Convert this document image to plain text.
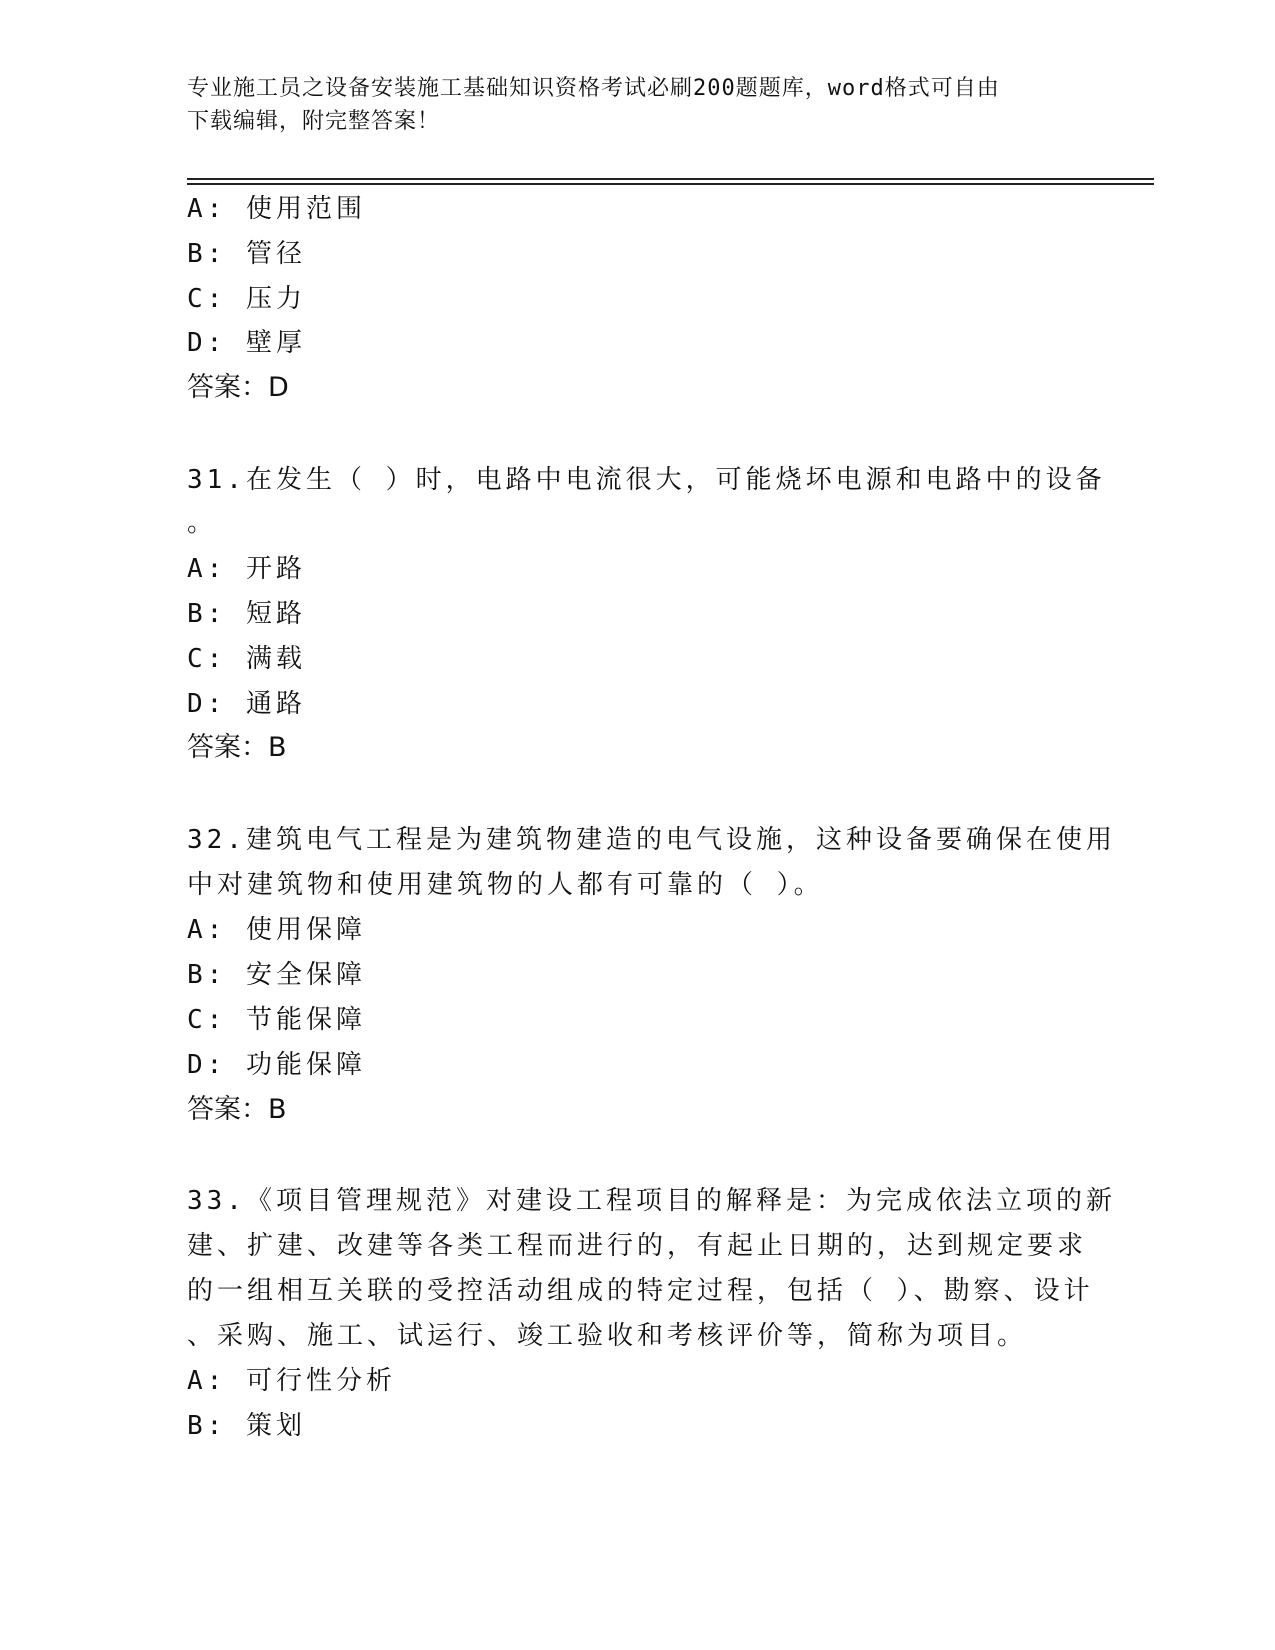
专业施工员之设备安装施工基础知识资格考试必刷200题题库，word格式可自由
下载编辑，附完整答案！
A: 使用范围
B: 管径
C: 压力
D: 壁厚
答案：D
31.在发生（ ）时，电路中电流很大，可能烧坏电源和电路中的设备
。
A: 开路
B: 短路
C: 满载
D: 通路
答案：B
32.建筑电气工程是为建筑物建造的电气设施，这种设备要确保在使用
中对建筑物和使用建筑物的人都有可靠的（ ）。
A: 使用保障
B: 安全保障
C: 节能保障
D: 功能保障
答案：B
33.《项目管理规范》对建设工程项目的解释是：为完成依法立项的新
建、扩建、改建等各类工程而进行的，有起止日期的，达到规定要求
的一组相互关联的受控活动组成的特定过程，包括（ ）、勘察、设计
、采购、施工、试运行、竣工验收和考核评价等，简称为项目。
A: 可行性分析
B: 策划
